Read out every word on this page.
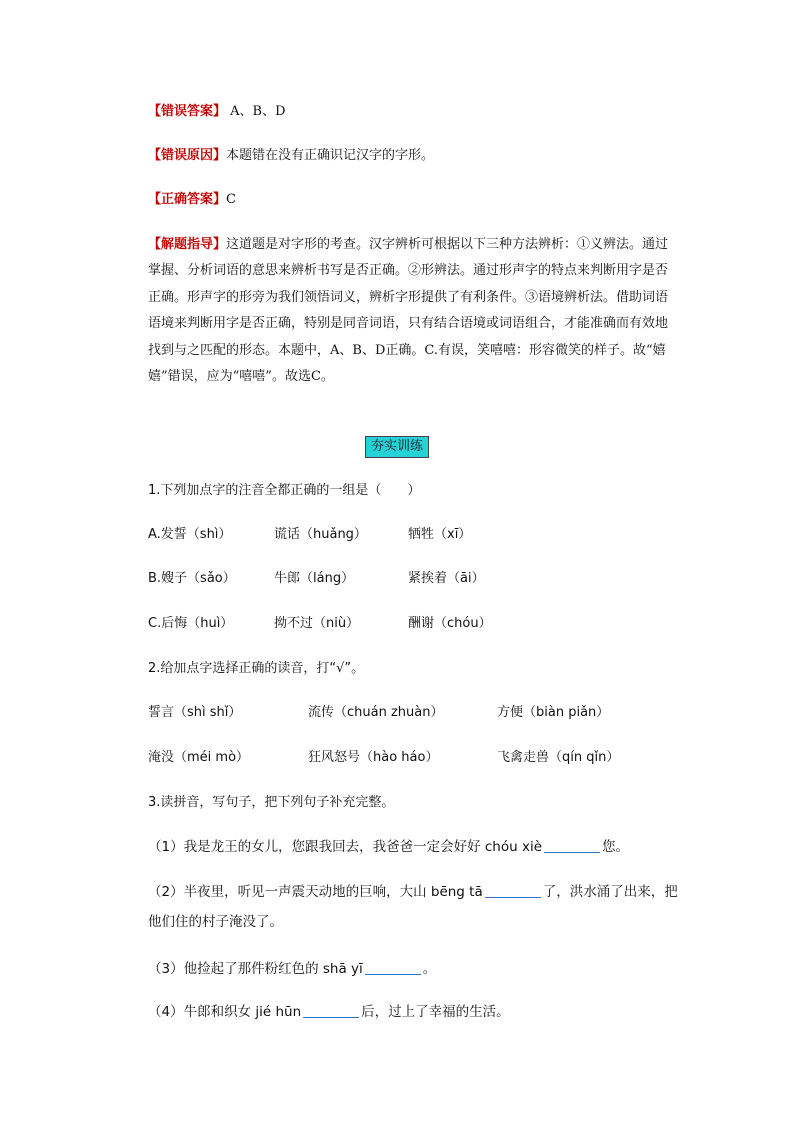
【错误答案】 A、B、D
【错误原因】本题错在没有正确识记汉字的字形。
【正确答案】C
【解题指导】这道题是对字形的考查。汉字辨析可根据以下三种方法辨析：①义辨法。通过掌握、分析词语的意思来辨析书写是否正确。②形辨法。通过形声字的特点来判断用字是否正确。形声字的形旁为我们领悟词义，辨析字形提供了有利条件。③语境辨析法。借助词语语境来判断用字是否正确，特别是同音词语，只有结合语境或词语组合，才能准确而有效地找到与之匹配的形态。本题中，A、B、D正确。C.有误，笑嘻嘻：形容微笑的样子。故“嬉嬉”错误，应为“嘻嘻”。故选C。
夯实训练
1.下列加点字的注音全都正确的一组是（　　）
A.发誓（shì）	谎话（huǎng）	牺牲（xī）
B.嫂子（sǎo）	牛郎（láng）	紧挨着（āi）
C.后悔（huì）	拗不过（niù）	酬谢（chóu）
2.给加点字选择正确的读音，打“√”。
誓言（shì shǐ）	流传（chuán zhuàn）	方便（biàn piǎn）
淹没（méi mò）	狂风怒号（hào háo）	飞禽走兽（qín qǐn）
3.读拼音，写句子，把下列句子补充完整。
（1）我是龙王的女儿，您跟我回去，我爸爸一定会好好 chóu xiè	您。
（2）半夜里，听见一声震天动地的巨响，大山 bēng tā	了，洪水涌了出来，把他们住的村子淹没了。
（3）他捡起了那件粉红色的 shā yī	。
（4）牛郎和织女 jié hūn	后，过上了幸福的生活。
